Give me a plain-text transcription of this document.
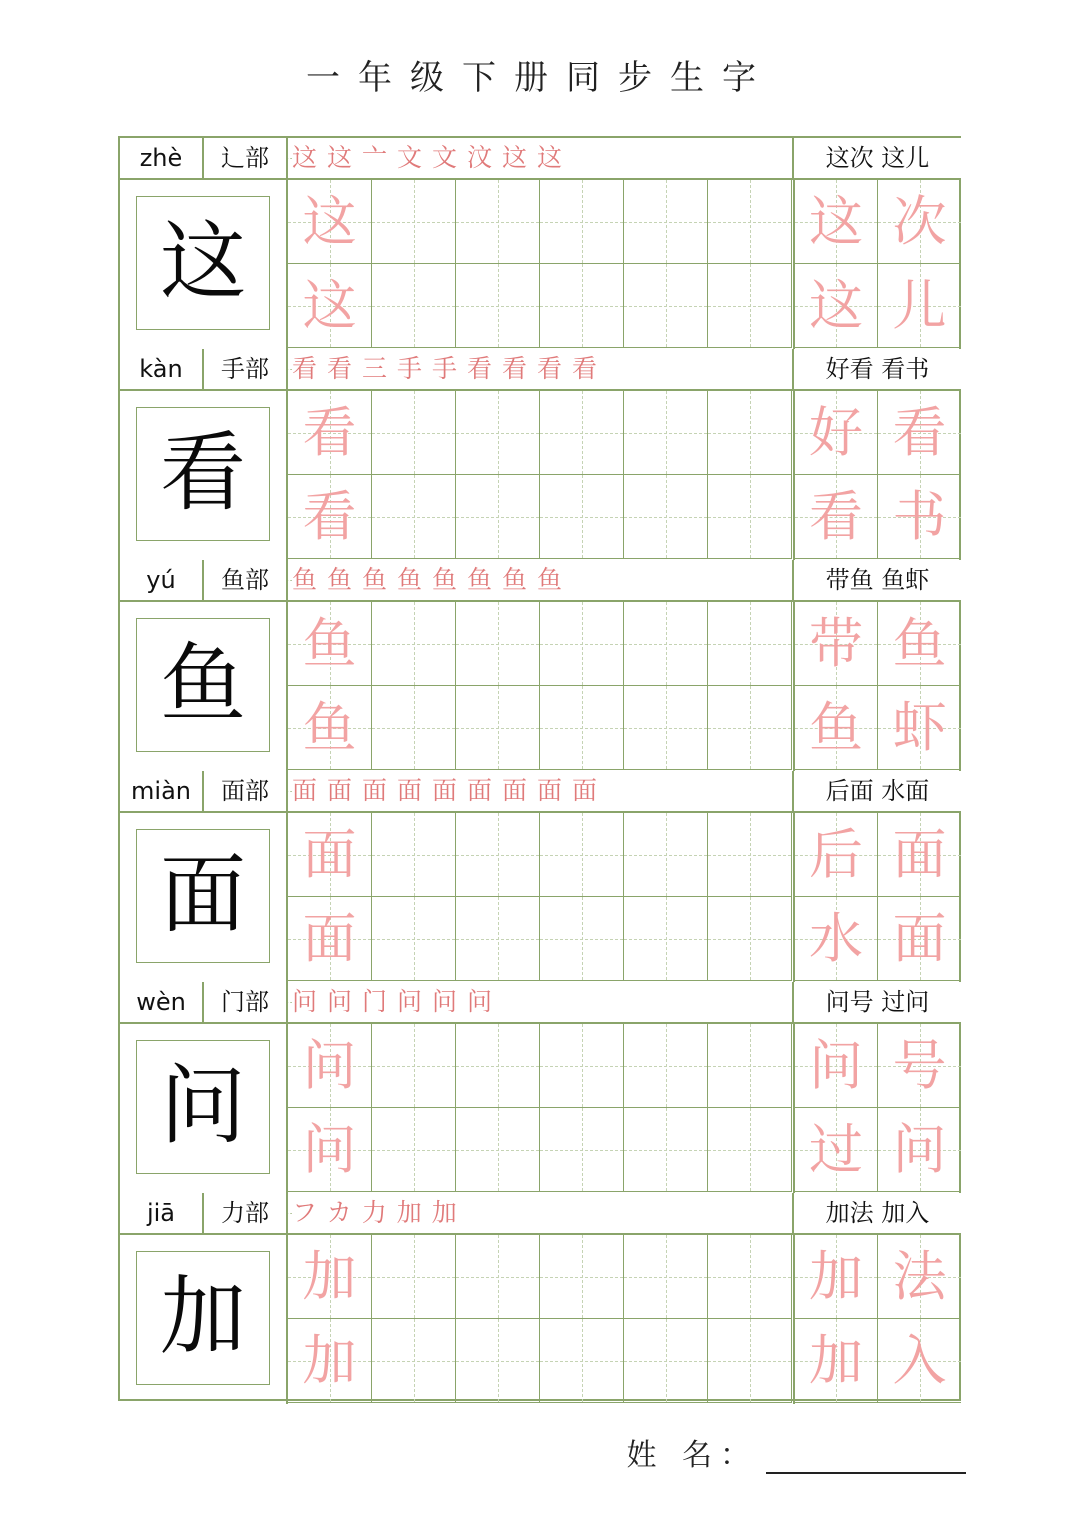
一年级下册同步生字
zhè	辶部 这这亠文文汶这这	这次 这儿
这	这
这
这 次
这 儿
kàn	手部 看看三手手看看看看	好看 看书
看	看
看
好 看
看 书
yú	鱼部 鱼鱼鱼鱼鱼鱼鱼鱼	带鱼 鱼虾
鱼	鱼
鱼
带 鱼
鱼 虾
miàn	面部 面面面面面面面面面	后面 水面
面	面
面
后 面
水 面
wèn	门部 问问门问问问	问号 过问
问	问
问
问 号
过 问
jiā	力部 フカ力加加	加法 加入
加	加
加
加 法
加 入
姓 名：
